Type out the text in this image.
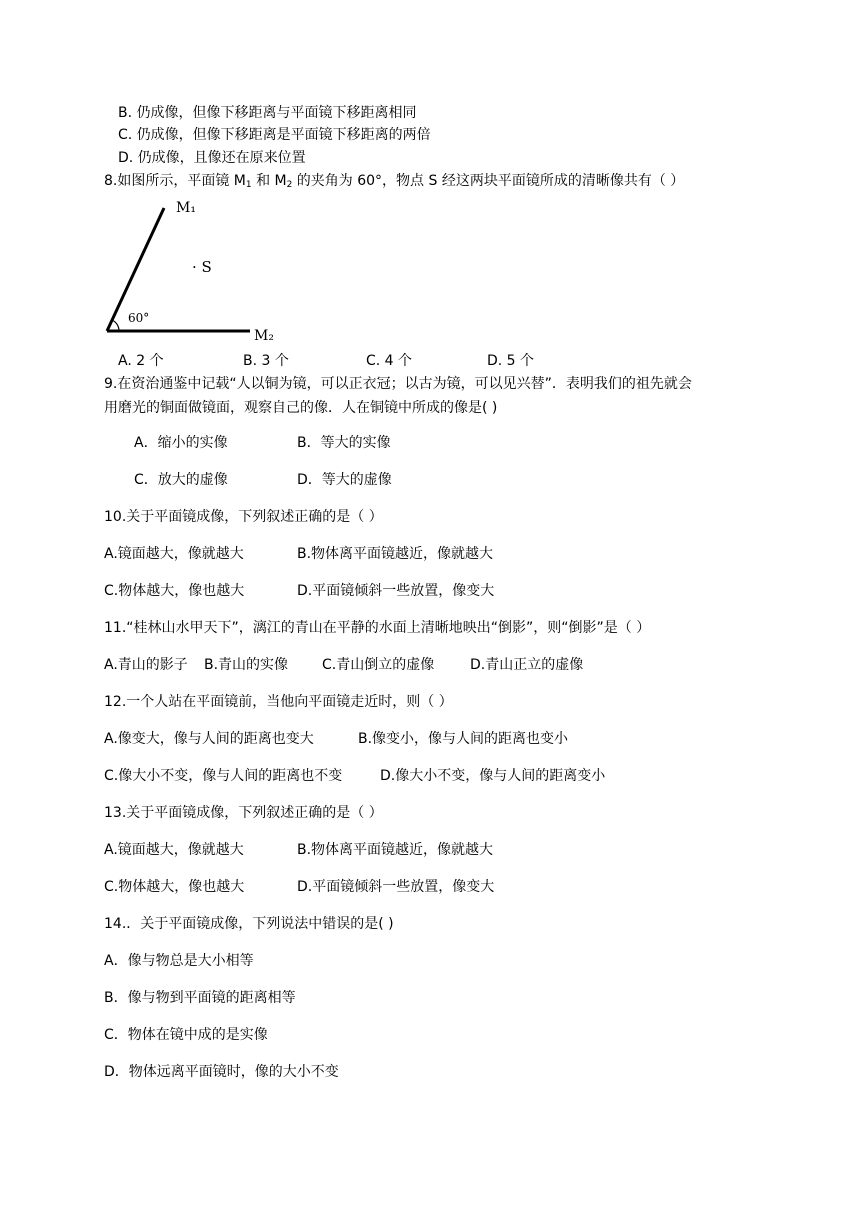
B. 仍成像，但像下移距离与平面镜下移距离相同
C. 仍成像，但像下移距离是平面镜下移距离的两倍
D. 仍成像，且像还在原来位置
8.如图所示，平面镜 $M_1$ 和 $M_2$ 的夹角为 60°，物点 S 经这两块平面镜所成的清晰像共有（ ）
M₁
M₂
· S
60°
A. 2 个	B. 3 个	C. 4 个	D. 5 个
9.在资治通鉴中记载“人以铜为镜，可以正衣冠；以古为镜，可以见兴替”．表明我们的祖先就会
用磨光的铜面做镜面，观察自己的像．人在铜镜中所成的像是( )
A．缩小的实像	B．等大的实像
C．放大的虚像	D．等大的虚像
10.关于平面镜成像，下列叙述正确的是（ ）
A.镜面越大，像就越大	B.物体离平面镜越近，像就越大
C.物体越大，像也越大	D.平面镜倾斜一些放置，像变大
11.“桂林山水甲天下”，漓江的青山在平静的水面上清晰地映出“倒影”，则“倒影”是（ ）
A.青山的影子 B.青山的实像 C.青山倒立的虚像	D.青山正立的虚像
12.一个人站在平面镜前，当他向平面镜走近时，则（ ）
A.像变大，像与人间的距离也变大	B.像变小，像与人间的距离也变小
C.像大小不变，像与人间的距离也不变	D.像大小不变，像与人间的距离变小
13.关于平面镜成像，下列叙述正确的是（ ）
A.镜面越大，像就越大	B.物体离平面镜越近，像就越大
C.物体越大，像也越大	D.平面镜倾斜一些放置，像变大
14.．关于平面镜成像，下列说法中错误的是( )
A．像与物总是大小相等
B．像与物到平面镜的距离相等
C．物体在镜中成的是实像
D．物体远离平面镜时，像的大小不变
